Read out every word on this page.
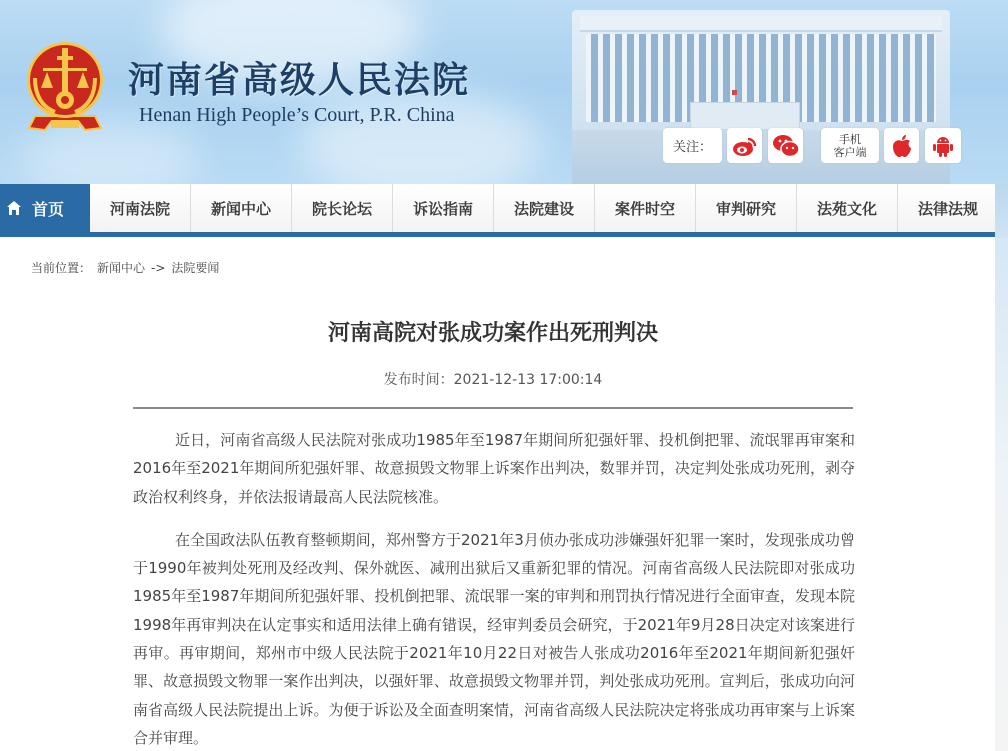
河南省高级人民法院
Henan High People’s Court, P.R. China
关注：
手机
客户端
首页	河南法院	新闻中心	院长论坛	诉讼指南	法院建设	案件时空	审判研究	法苑文化	法律法规
当前位置： 新闻中心 -> 法院要闻
河南高院对张成功案作出死刑判决
发布时间：2021-12-13 17:00:14

近日，河南省高级人民法院对张成功1985年至1987年期间所犯强奸罪、投机倒把罪、流氓罪再审案和2016年至2021年期间所犯强奸罪、故意损毁文物罪上诉案作出判决，数罪并罚，决定判处张成功死刑，剥夺政治权利终身，并依法报请最高人民法院核准。

在全国政法队伍教育整顿期间，郑州警方于2021年3月侦办张成功涉嫌强奸犯罪一案时，发现张成功曾于1990年被判处死刑及经改判、保外就医、减刑出狱后又重新犯罪的情况。河南省高级人民法院即对张成功1985年至1987年期间所犯强奸罪、投机倒把罪、流氓罪一案的审判和刑罚执行情况进行全面审查，发现本院1998年再审判决在认定事实和适用法律上确有错误，经审判委员会研究，于2021年9月28日决定对该案进行再审。再审期间，郑州市中级人民法院于2021年10月22日对被告人张成功2016年至2021年期间新犯强奸罪、故意损毁文物罪一案作出判决，以强奸罪、故意损毁文物罪并罚，判处张成功死刑。宣判后，张成功向河南省高级人民法院提出上诉。为便于诉讼及全面查明案情，河南省高级人民法院决定将张成功再审案与上诉案合并审理。
